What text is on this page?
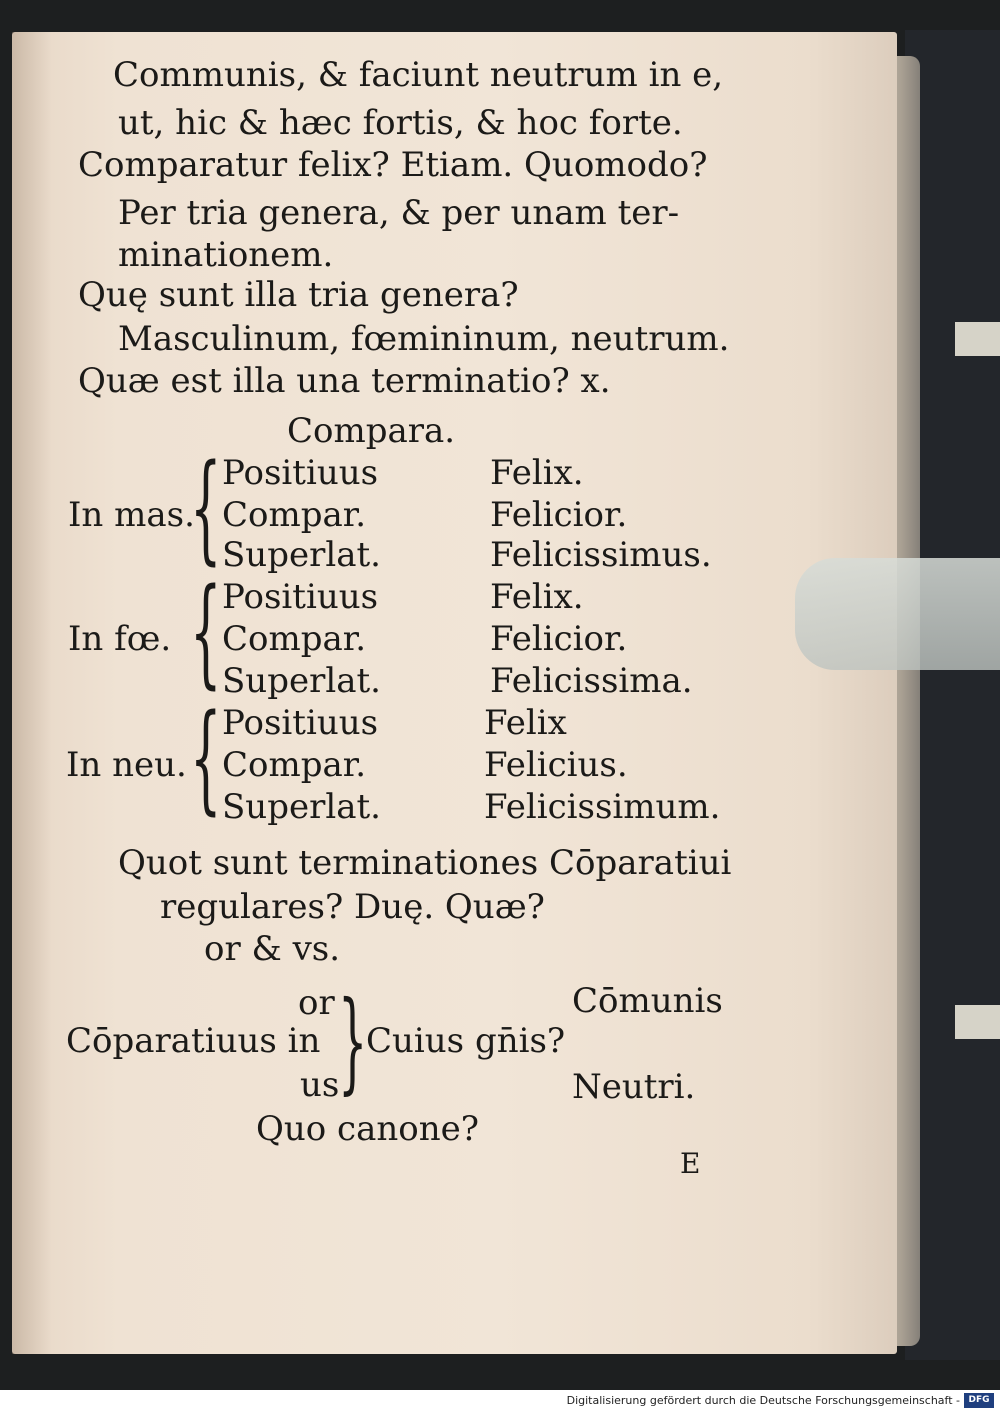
Communis, & faciunt neutrum in e,
ut, hic & hæc fortis, & hoc forte.
Comparatur felix? Etiam. Quomodo?
Per tria genera, & per unam ter-
minationem.
Quę sunt illa tria genera?
Masculinum, fœmininum, neutrum.
Quæ est illa una terminatio? x.
Compara.
In mas.
{ Positiuus	Felix.
Compar.	Felicior.
Superlat.	Felicissimus.
In fœ. { Positiuus	Felix.
Compar.	Felicior.
Superlat.	Felicissima.
In neu. { Positiuus	Felix
Compar.	Felicius.
Superlat.	Felicissimum.
Quot sunt terminationes Cōparatiui
regulares? Duę. Quæ?
or & vs.
or
Cōparatiuus in }
us
Cuius gn̄is?
Cōmunis
Neutri.
Quo canone?
E
Digitalisierung gefördert durch die Deutsche Forschungsgemeinschaft - DFG
